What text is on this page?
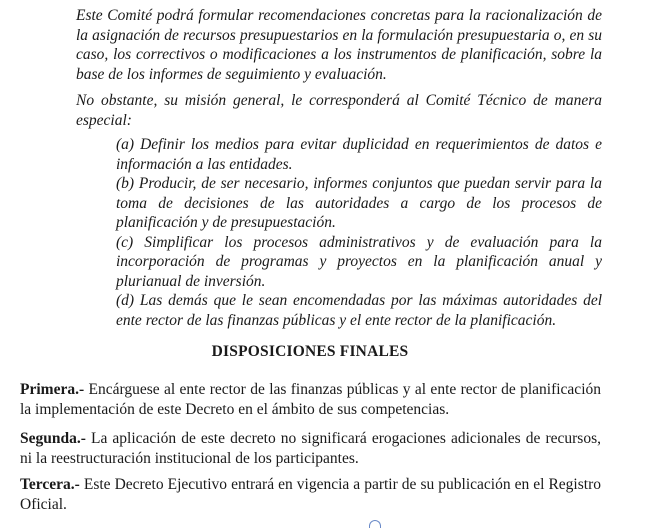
Este Comité podrá formular recomendaciones concretas para la racionalización de la asignación de recursos presupuestarios en la formulación presupuestaria o, en su caso, los correctivos o modificaciones a los instrumentos de planificación, sobre la base de los informes de seguimiento y evaluación.

No obstante, su misión general, le corresponderá al Comité Técnico de manera especial:

(a) Definir los medios para evitar duplicidad en requerimientos de datos e información a las entidades.

(b) Producir, de ser necesario, informes conjuntos que puedan servir para la toma de decisiones de las autoridades a cargo de los procesos de planificación y de presupuestación.

(c) Simplificar los procesos administrativos y de evaluación para la incorporación de programas y proyectos en la planificación anual y plurianual de inversión.

(d) Las demás que le sean encomendadas por las máximas autoridades del ente rector de las finanzas públicas y el ente rector de la planificación.

DISPOSICIONES FINALES

Primera.- Encárguese al ente rector de las finanzas públicas y al ente rector de planificación la implementación de este Decreto en el ámbito de sus competencias.

Segunda.- La aplicación de este decreto no significará erogaciones adicionales de recursos, ni la reestructuración institucional de los participantes.

Tercera.- Este Decreto Ejecutivo entrará en vigencia a partir de su publicación en el Registro Oficial.
